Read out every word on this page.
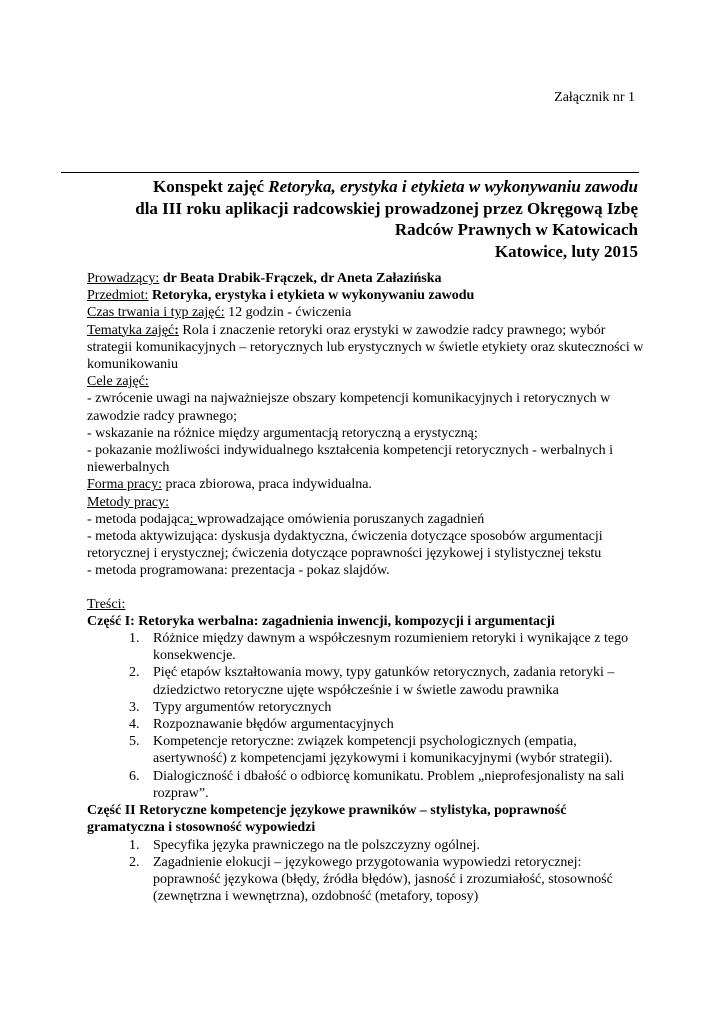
Załącznik nr 1
Konspekt zajęć Retoryka, erystyka i etykieta w wykonywaniu zawodu
dla III roku aplikacji radcowskiej prowadzonej przez Okręgową Izbę
Radców Prawnych w Katowicach
Katowice, luty 2015

Prowadzący: dr Beata Drabik-Frączek, dr Aneta Załazińska

Przedmiot: Retoryka, erystyka i etykieta w wykonywaniu zawodu

Czas trwania i typ zajęć: 12 godzin - ćwiczenia

Tematyka zajęć: Rola i znaczenie retoryki oraz erystyki w zawodzie radcy prawnego; wybór strategii komunikacyjnych – retorycznych lub erystycznych w świetle etykiety oraz skuteczności w komunikowaniu

Cele zajęć:

- zwrócenie uwagi na najważniejsze obszary kompetencji komunikacyjnych i retorycznych w zawodzie radcy prawnego;

- wskazanie na różnice między argumentacją retoryczną a erystyczną;

- pokazanie możliwości indywidualnego kształcenia kompetencji retorycznych - werbalnych i niewerbalnych

Forma pracy: praca zbiorowa, praca indywidualna.

Metody pracy:

- metoda podająca: wprowadzające omówienia poruszanych zagadnień

- metoda aktywizująca: dyskusja dydaktyczna, ćwiczenia dotyczące sposobów argumentacji retorycznej i erystycznej; ćwiczenia dotyczące poprawności językowej i stylistycznej tekstu

- metoda programowana: prezentacja - pokaz slajdów.

Treści:

Część I: Retoryka werbalna: zagadnienia inwencji, kompozycji i argumentacji

1. Różnice między dawnym a współczesnym rozumieniem retoryki i wynikające z tego konsekwencje.
2. Pięć etapów kształtowania mowy, typy gatunków retorycznych, zadania retoryki – dziedzictwo retoryczne ujęte współcześnie i w świetle zawodu prawnika
3. Typy argumentów retorycznych
4. Rozpoznawanie błędów argumentacyjnych
5. Kompetencje retoryczne: związek kompetencji psychologicznych (empatia, asertywność) z kompetencjami językowymi i komunikacyjnymi (wybór strategii).
6. Dialogiczność i dbałość o odbiorcę komunikatu. Problem „nieprofesjonalisty na sali rozpraw”.

Część II Retoryczne kompetencje językowe prawników – stylistyka, poprawność gramatyczna i stosowność wypowiedzi

1. Specyfika języka prawniczego na tle polszczyzny ogólnej.
2. Zagadnienie elokucji – językowego przygotowania wypowiedzi retorycznej: poprawność językowa (błędy, źródła błędów), jasność i zrozumiałość, stosowność (zewnętrzna i wewnętrzna), ozdobność (metafory, toposy)
